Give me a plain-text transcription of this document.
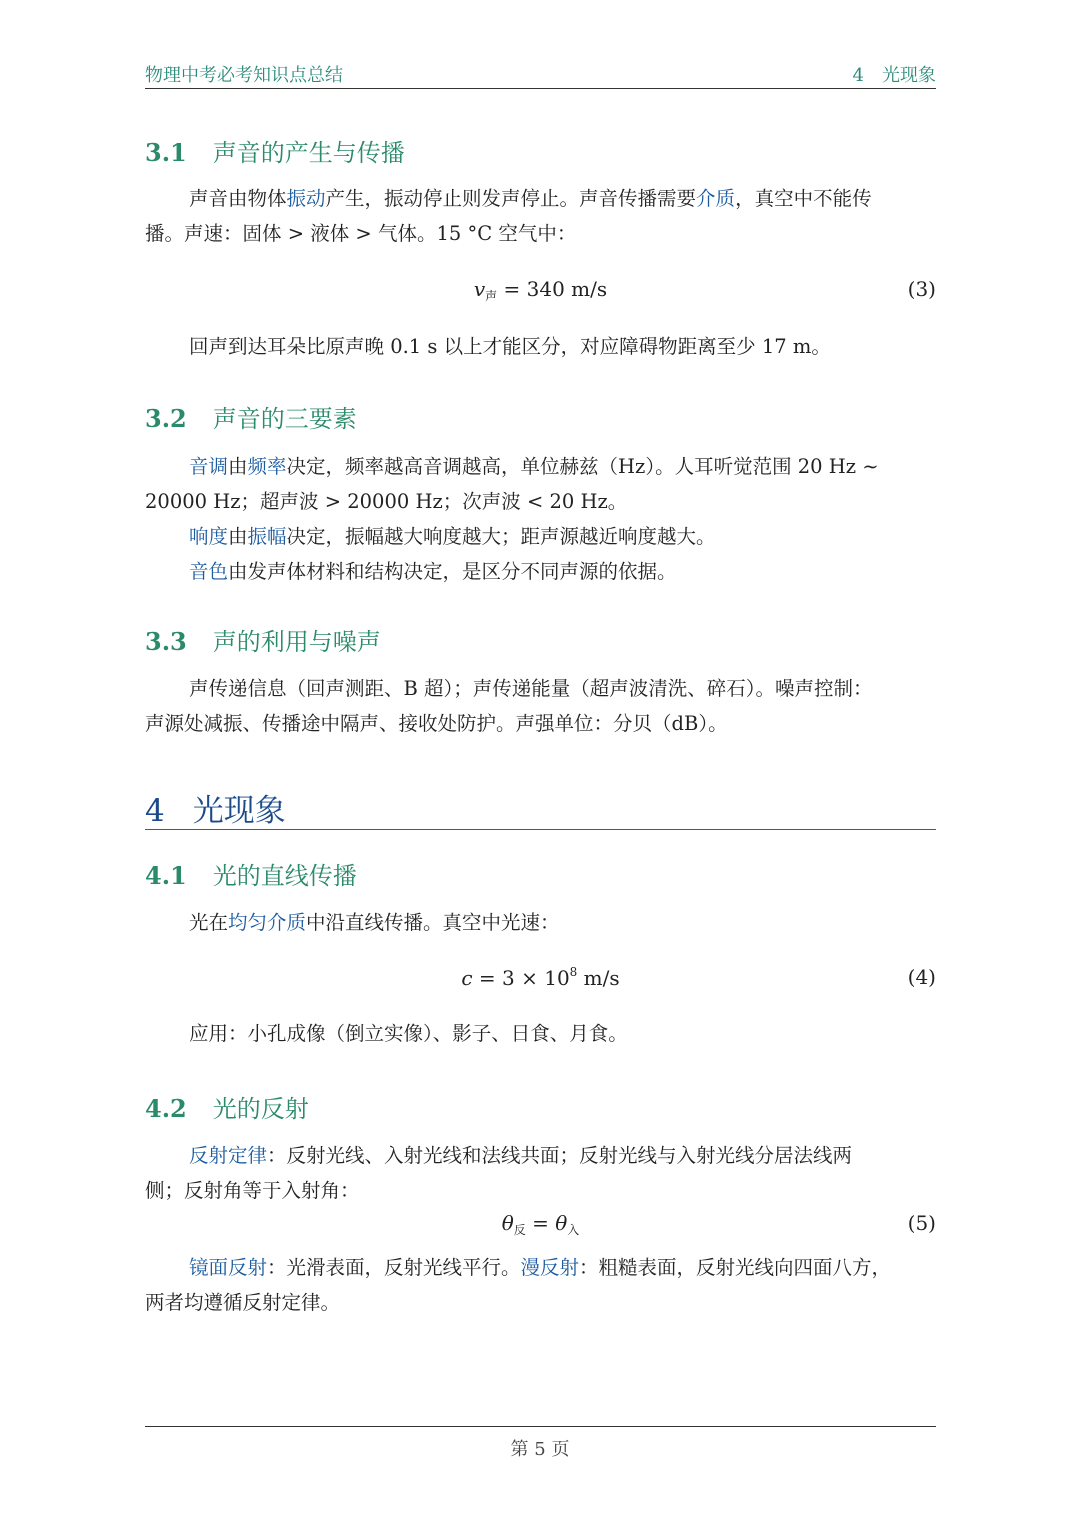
物理中考必考知识点总结	4　光现象
3.1 声音的产生与传播
声音由物体振动产生，振动停止则发声停止。声音传播需要介质，真空中不能传
播。声速：固体 > 液体 > 气体。15 °C 空气中：
$v_声 = 340$ m/s	(3)
回声到达耳朵比原声晚 0.1 s 以上才能区分，对应障碍物距离至少 17 m。
3.2 声音的三要素
音调由频率决定，频率越高音调越高，单位赫兹（Hz）。人耳听觉范围 20 Hz ∼
20000 Hz；超声波 > 20000 Hz；次声波 < 20 Hz。
响度由振幅决定，振幅越大响度越大；距声源越近响度越大。
音色由发声体材料和结构决定，是区分不同声源的依据。
3.3 声的利用与噪声
声传递信息（回声测距、B 超）；声传递能量（超声波清洗、碎石）。噪声控制：
声源处减振、传播途中隔声、接收处防护。声强单位：分贝（dB）。
4 光现象
4.1 光的直线传播
光在均匀介质中沿直线传播。真空中光速：
$c = 3 \times 10^8$ m/s	(4)
应用：小孔成像（倒立实像）、影子、日食、月食。
4.2 光的反射
反射定律：反射光线、入射光线和法线共面；反射光线与入射光线分居法线两
侧；反射角等于入射角：
$\theta_反 = \theta_入$	(5)
镜面反射：光滑表面，反射光线平行。漫反射：粗糙表面，反射光线向四面八方，
两者均遵循反射定律。
第 5 页
